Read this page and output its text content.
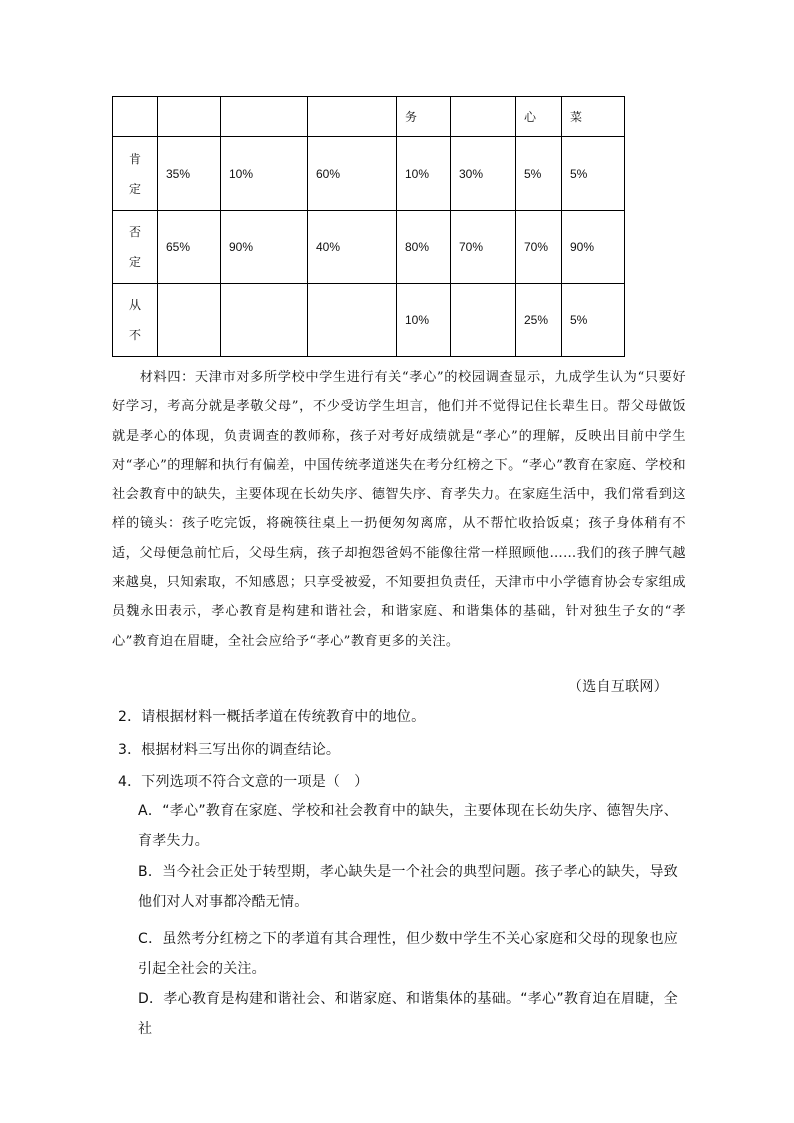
				务		心	菜

肯
定	35%	10%	60%	10%	30%	5%	5%

否
定	65%	90%	40%	80%	70%	70%	90%

从
不				10%		25%	5%

材料四：天津市对多所学校中学生进行有关“孝心”的校园调查显示，九成学生认为“只要好好学习，考高分就是孝敬父母”，不少受访学生坦言，他们并不觉得记住长辈生日。帮父母做饭就是孝心的体现，负责调查的教师称，孩子对考好成绩就是“孝心”的理解，反映出目前中学生对“孝心”的理解和执行有偏差，中国传统孝道迷失在考分红榜之下。“孝心”教育在家庭、学校和社会教育中的缺失，主要体现在长幼失序、德智失序、育孝失力。在家庭生活中，我们常看到这样的镜头：孩子吃完饭，将碗筷往桌上一扔便匆匆离席，从不帮忙收拾饭桌；孩子身体稍有不适，父母便急前忙后，父母生病，孩子却抱怨爸妈不能像往常一样照顾他……我们的孩子脾气越来越臭，只知索取，不知感恩；只享受被爱，不知要担负责任，天津市中小学德育协会专家组成员魏永田表示，孝心教育是构建和谐社会，和谐家庭、和谐集体的基础，针对独生子女的“孝心”教育迫在眉睫，全社会应给予“孝心”教育更多的关注。

（选自互联网）
2．请根据材料一概括孝道在传统教育中的地位。
3．根据材料三写出你的调查结论。
4．下列选项不符合文意的一项是（　）
A．“孝心”教育在家庭、学校和社会教育中的缺失，主要体现在长幼失序、德智失序、育孝失力。
B．当今社会正处于转型期，孝心缺失是一个社会的典型问题。孩子孝心的缺失，导致他们对人对事都冷酷无情。
C．虽然考分红榜之下的孝道有其合理性，但少数中学生不关心家庭和父母的现象也应引起全社会的关注。
D．孝心教育是构建和谐社会、和谐家庭、和谐集体的基础。“孝心”教育迫在眉睫，全社
